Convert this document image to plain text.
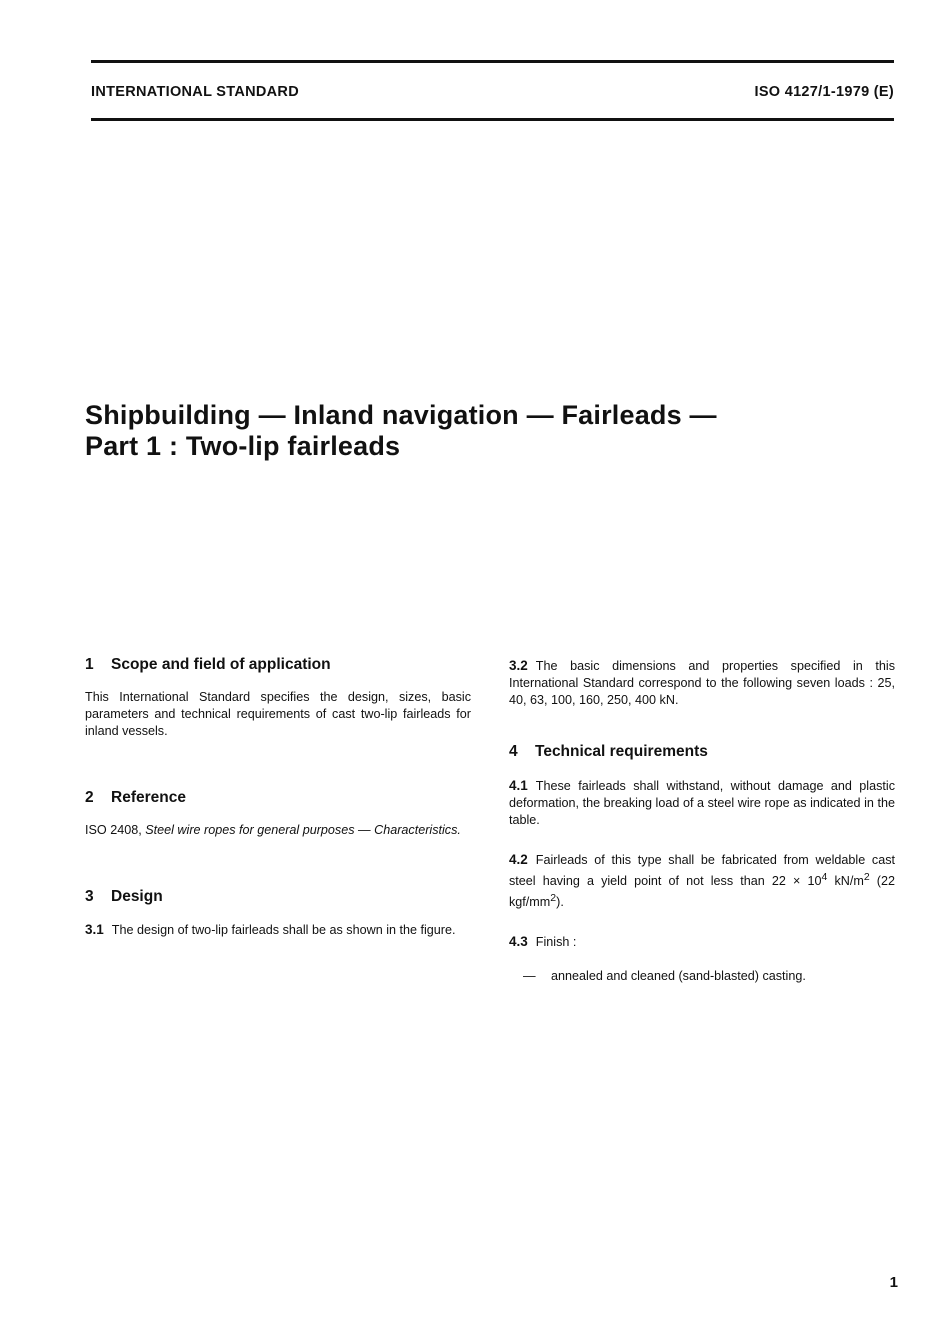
INTERNATIONAL STANDARD	ISO 4127/1-1979 (E)
Shipbuilding — Inland navigation — Fairleads —
Part 1 : Two-lip fairleads
1 Scope and field of application

This International Standard specifies the design, sizes, basic parameters and technical requirements of cast two-lip fairleads for inland vessels.

2 Reference

ISO 2408, Steel wire ropes for general purposes — Characteristics.

3 Design

3.1 The design of two-lip fairleads shall be as shown in the figure.

3.2 The basic dimensions and properties specified in this International Standard correspond to the following seven loads : 25, 40, 63, 100, 160, 250, 400 kN.

4 Technical requirements

4.1 These fairleads shall withstand, without damage and plastic deformation, the breaking load of a steel wire rope as indicated in the table.

4.2 Fairleads of this type shall be fabricated from weldable cast steel having a yield point of not less than $22 \times 10^4$ $kN/m^2$ (22 kgf/$mm^2$).

4.3 Finish :

— annealed and cleaned (sand-blasted) casting.

1
